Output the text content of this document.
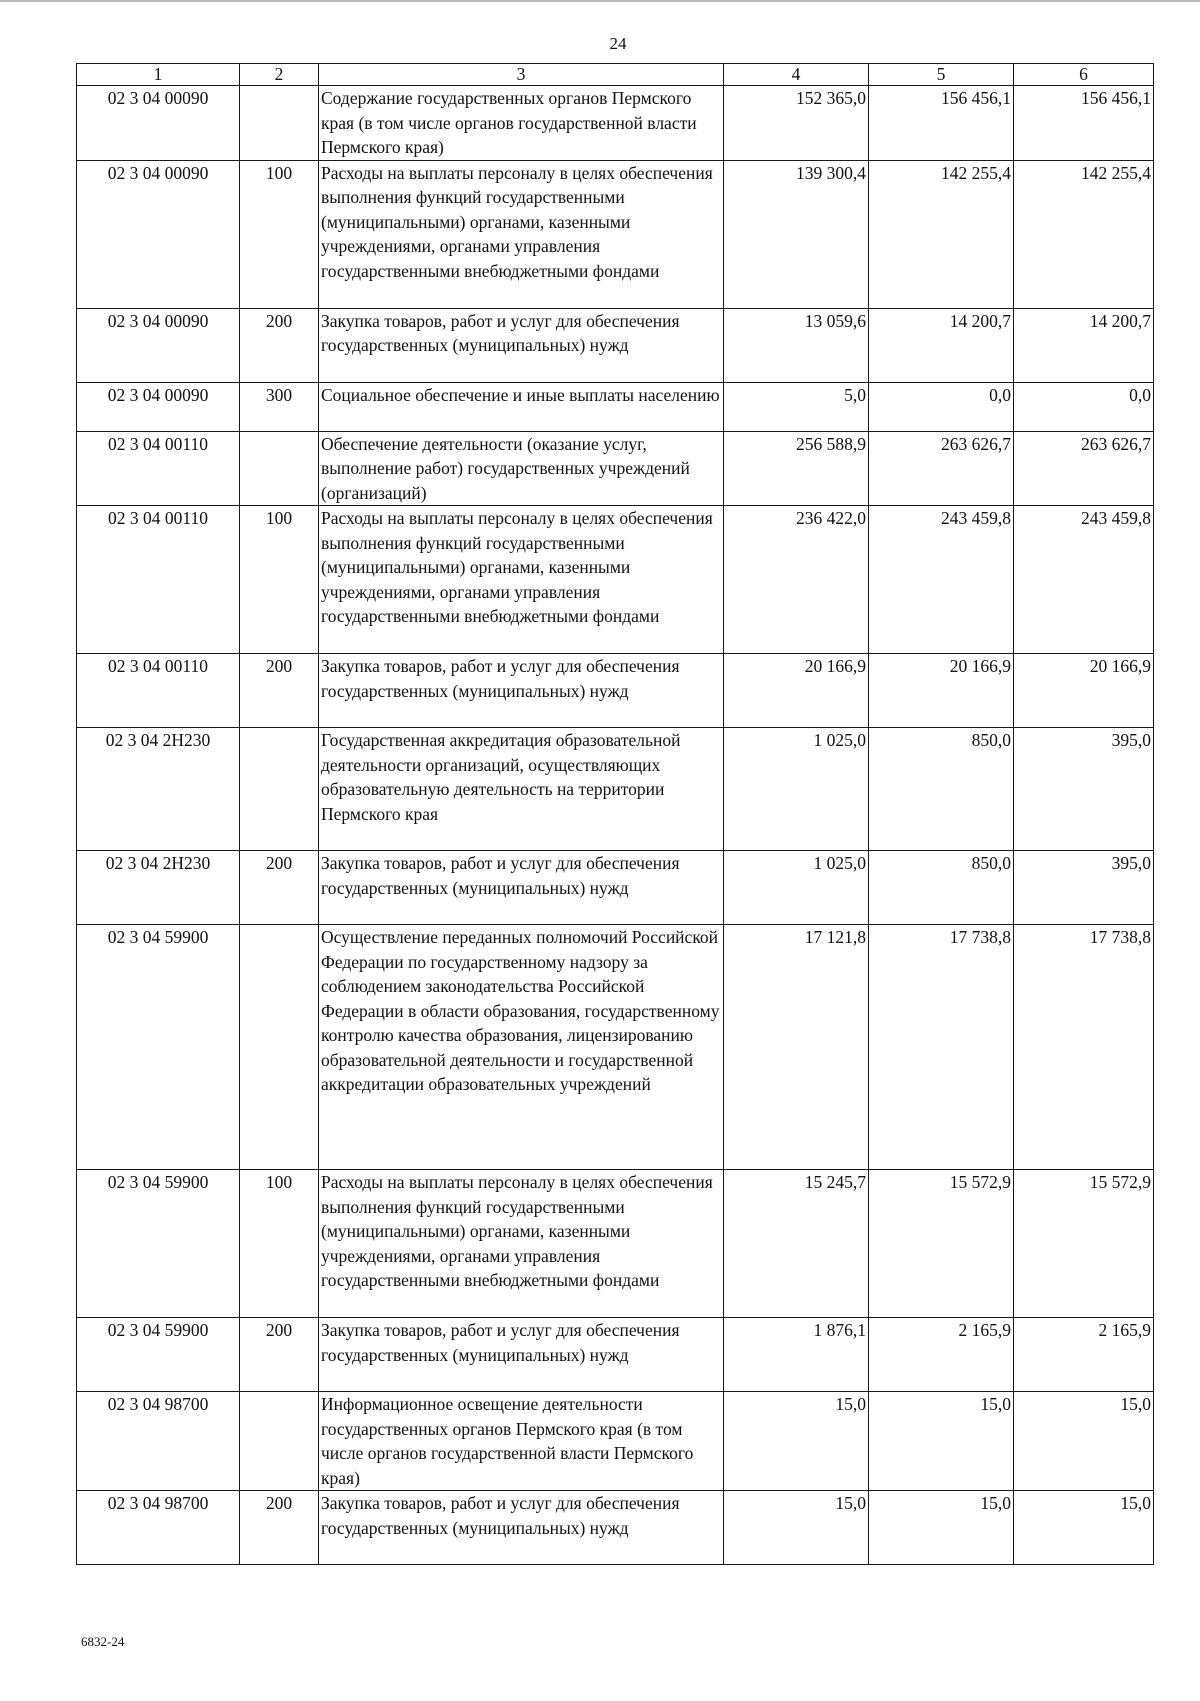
24
1	2	3	4	5	6
02 3 04 00090		Содержание государственных органов Пермского края (в том числе органов государственной власти Пермского края)	152 365,0	156 456,1	156 456,1
02 3 04 00090	100	Расходы на выплаты персоналу в целях обеспечения выполнения функций государственными (муниципальными) органами, казенными учреждениями, органами управления государственными внебюджетными фондами	139 300,4	142 255,4	142 255,4
02 3 04 00090	200	Закупка товаров, работ и услуг для обеспечения государственных (муниципальных) нужд	13 059,6	14 200,7	14 200,7
02 3 04 00090	300	Социальное обеспечение и иные выплаты населению	5,0	0,0	0,0
02 3 04 00110		Обеспечение деятельности (оказание услуг, выполнение работ) государственных учреждений (организаций)	256 588,9	263 626,7	263 626,7
02 3 04 00110	100	Расходы на выплаты персоналу в целях обеспечения выполнения функций государственными (муниципальными) органами, казенными учреждениями, органами управления государственными внебюджетными фондами	236 422,0	243 459,8	243 459,8
02 3 04 00110	200	Закупка товаров, работ и услуг для обеспечения государственных (муниципальных) нужд	20 166,9	20 166,9	20 166,9
02 3 04 2Н230		Государственная аккредитация образовательной деятельности организаций, осуществляющих образовательную деятельность на территории Пермского края	1 025,0	850,0	395,0
02 3 04 2Н230	200	Закупка товаров, работ и услуг для обеспечения государственных (муниципальных) нужд	1 025,0	850,0	395,0
02 3 04 59900		Осуществление переданных полномочий Российской Федерации по государственному надзору за соблюдением законодательства Российской Федерации в области образования, государственному контролю качества образования, лицензированию образовательной деятельности и государственной аккредитации образовательных учреждений	17 121,8	17 738,8	17 738,8
02 3 04 59900	100	Расходы на выплаты персоналу в целях обеспечения выполнения функций государственными (муниципальными) органами, казенными учреждениями, органами управления государственными внебюджетными фондами	15 245,7	15 572,9	15 572,9
02 3 04 59900	200	Закупка товаров, работ и услуг для обеспечения государственных (муниципальных) нужд	1 876,1	2 165,9	2 165,9
02 3 04 98700		Информационное освещение деятельности государственных органов Пермского края (в том числе органов государственной власти Пермского края)	15,0	15,0	15,0
02 3 04 98700	200	Закупка товаров, работ и услуг для обеспечения государственных (муниципальных) нужд	15,0	15,0	15,0
6832-24
